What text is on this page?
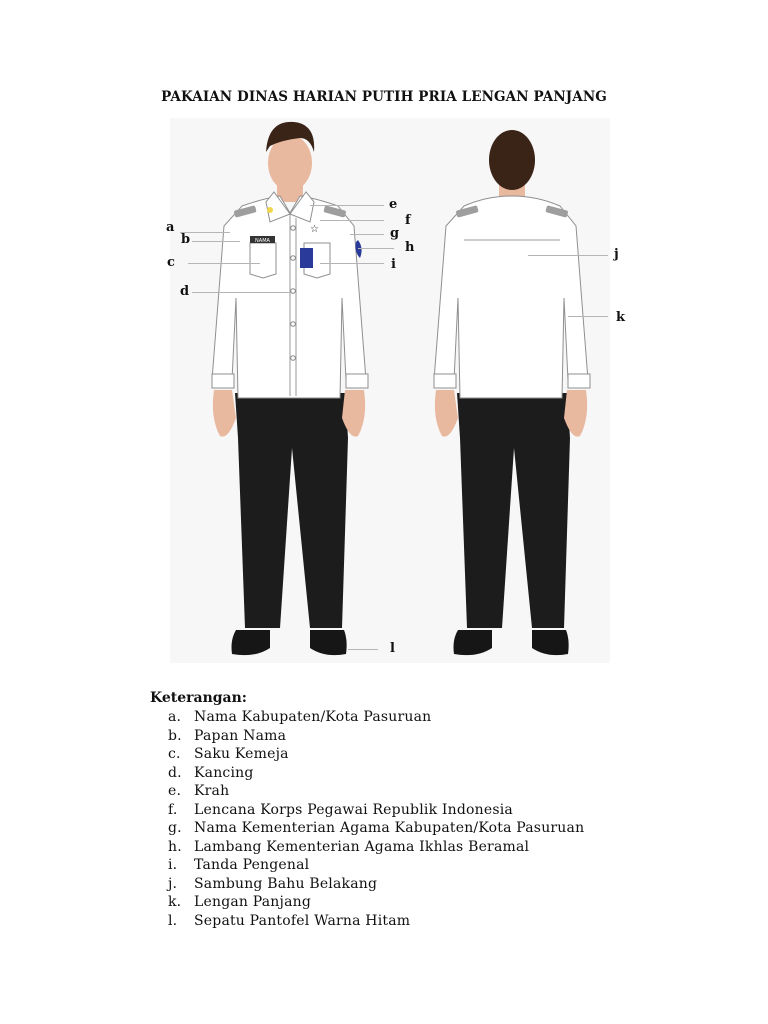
PAKAIAN DINAS HARIAN PUTIH PRIA LENGAN PANJANG
☆
NAMA
a
b
c
d
e
f
g
h
i
j
k
l
Keterangan:
a. Nama Kabupaten/Kota Pasuruan
b. Papan Nama
c. Saku Kemeja
d. Kancing
e. Krah
f.	Lencana Korps Pegawai Republik Indonesia
g. Nama Kementerian Agama Kabupaten/Kota Pasuruan
h. Lambang Kementerian Agama Ikhlas Beramal
i.	Tanda Pengenal
j.	Sambung Bahu Belakang
k. Lengan Panjang
l.	Sepatu Pantofel Warna Hitam
